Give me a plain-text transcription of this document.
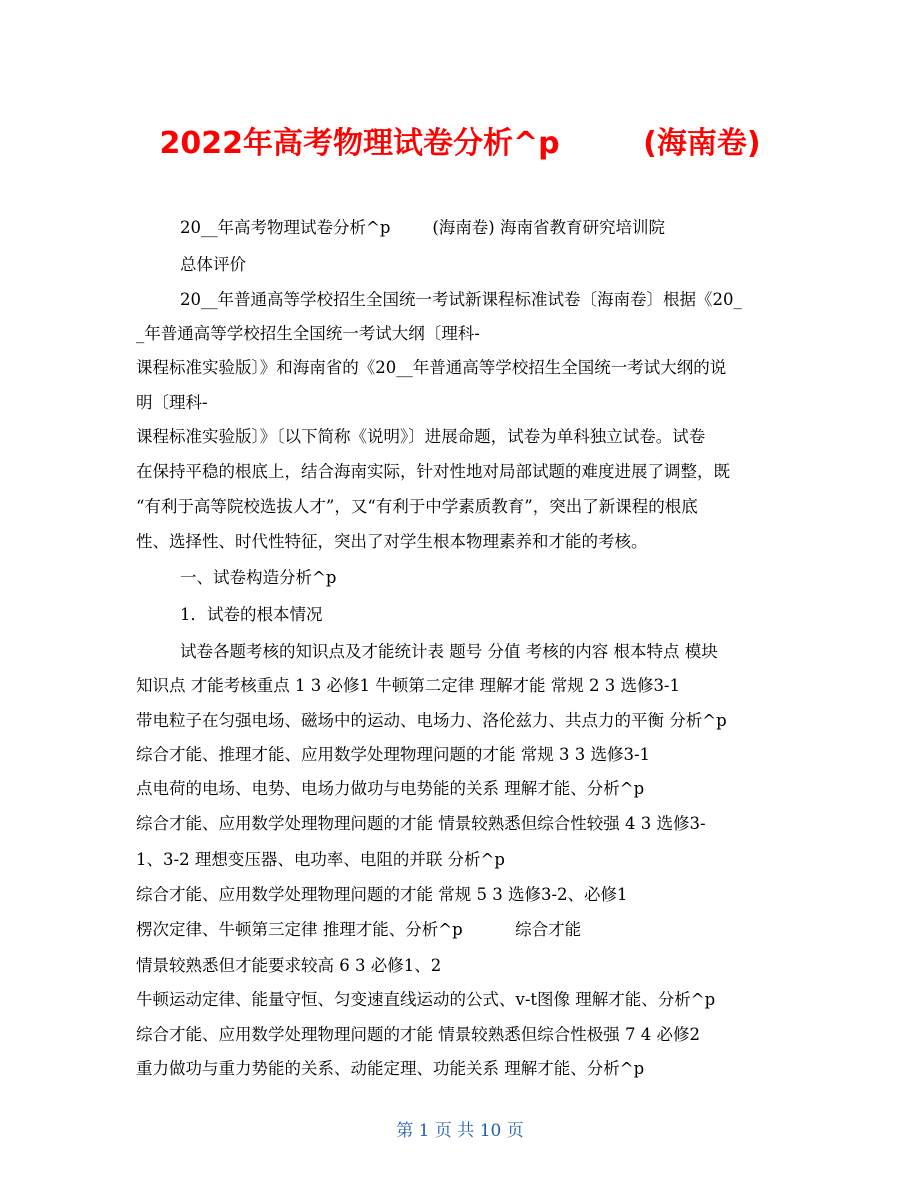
2022年高考物理试卷分析^p        (海南卷)
20__年高考物理试卷分析^p        (海南卷) 海南省教育研究培训院
总体评价
20__年普通高等学校招生全国统一考试新课程标准试卷〔海南卷〕根据《20_
_年普通高等学校招生全国统一考试大纲〔理科-
课程标准实验版〕》和海南省的《20__年普通高等学校招生全国统一考试大纲的说
明〔理科-
课程标准实验版〕》〔以下简称《说明》〕进展命题，试卷为单科独立试卷。试卷
在保持平稳的根底上，结合海南实际，针对性地对局部试题的难度进展了调整，既
“有利于高等院校选拔人才”，又“有利于中学素质教育”，突出了新课程的根底
性、选择性、时代性特征，突出了对学生根本物理素养和才能的考核。
一、试卷构造分析^p
1．试卷的根本情况
试卷各题考核的知识点及才能统计表 题号 分值 考核的内容 根本特点 模块
知识点 才能考核重点 1 3 必修1 牛顿第二定律 理解才能 常规 2 3 选修3-1
带电粒子在匀强电场、磁场中的运动、电场力、洛伦兹力、共点力的平衡 分析^p
综合才能、推理才能、应用数学处理物理问题的才能 常规 3 3 选修3-1
点电荷的电场、电势、电场力做功与电势能的关系 理解才能、分析^p
综合才能、应用数学处理物理问题的才能 情景较熟悉但综合性较强 4 3 选修3-
1、3-2 理想变压器、电功率、电阻的并联 分析^p
综合才能、应用数学处理物理问题的才能 常规 5 3 选修3-2、必修1
楞次定律、牛顿第三定律 推理才能、分析^p          综合才能
情景较熟悉但才能要求较高 6 3 必修1、2
牛顿运动定律、能量守恒、匀变速直线运动的公式、v-t图像 理解才能、分析^p
综合才能、应用数学处理物理问题的才能 情景较熟悉但综合性极强 7 4 必修2
重力做功与重力势能的关系、动能定理、功能关系 理解才能、分析^p
第 1 页 共 10 页
